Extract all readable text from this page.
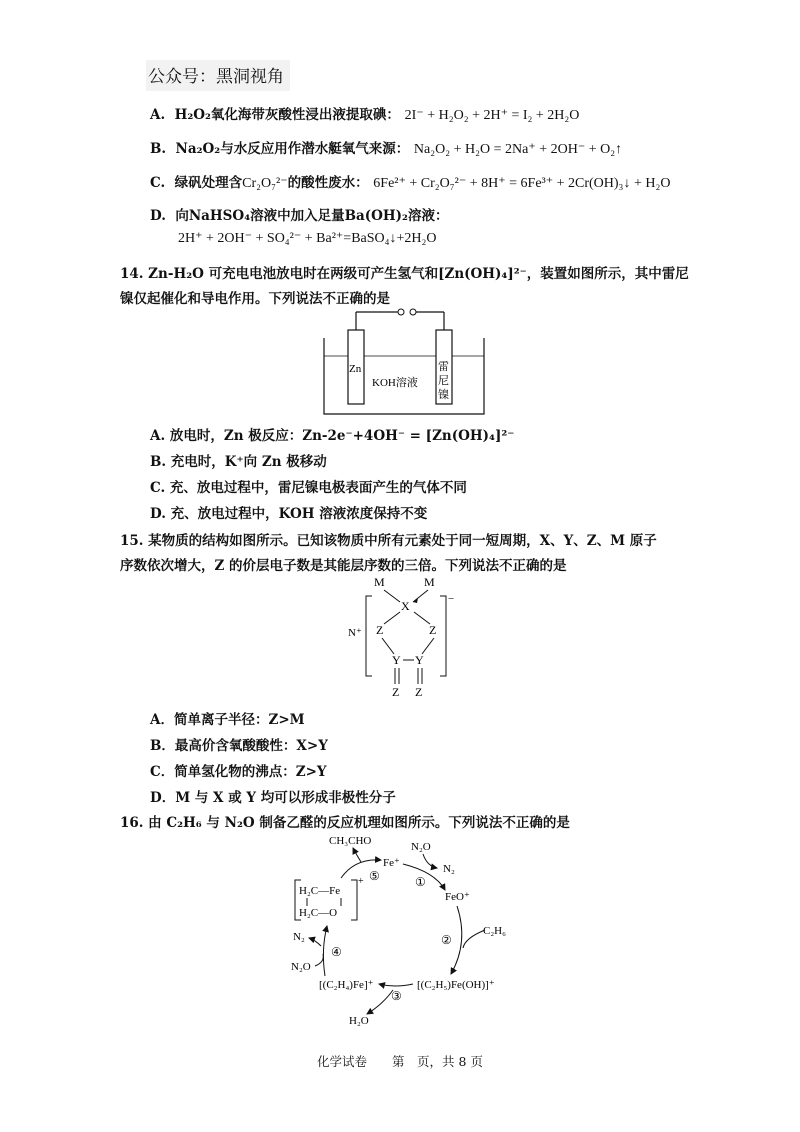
公众号：黑洞视角
A. H₂O₂氧化海带灰酸性浸出液提取碘： 2I⁻ + H₂O₂ + 2H⁺ = I₂ + 2H₂O
B. Na₂O₂与水反应用作潜水艇氧气来源： Na₂O₂ + H₂O = 2Na⁺ + 2OH⁻ + O₂↑
C. 绿矾处理含Cr₂O₇²⁻的酸性废水： 6Fe²⁺ + Cr₂O₇²⁻ + 8H⁺ = 6Fe³⁺ + 2Cr(OH)₃↓ + H₂O
D. 向NaHSO₄溶液中加入足量Ba(OH)₂溶液：
2H⁺ + 2OH⁻ + SO₄²⁻ + Ba²⁺=BaSO₄↓+2H₂O
14. Zn-H₂O 可充电电池放电时在两级可产生氢气和[Zn(OH)₄]²⁻，装置如图所示，其中雷尼
镍仅起催化和导电作用。下列说法不正确的是
Zn
KOH溶液
雷
尼
镍
A. 放电时，Zn 极反应：Zn-2e⁻+4OH⁻ = [Zn(OH)₄]²⁻
B. 充电时，K⁺向 Zn 极移动
C. 充、放电过程中，雷尼镍电极表面产生的气体不同
D. 充、放电过程中，KOH 溶液浓度保持不变
15. 某物质的结构如图所示。已知该物质中所有元素处于同一短周期，X、Y、Z、M 原子
序数依次增大，Z 的价层电子数是其能层序数的三倍。下列说法不正确的是
M	M
X
Z	Z
Y Y
Z Z
−
N⁺
A．简单离子半径：Z>M
B．最高价含氧酸酸性：X>Y
C．简单氢化物的沸点：Z>Y
D．M 与 X 或 Y 均可以形成非极性分子
16. 由 C₂H₆ 与 N₂O 制备乙醛的反应机理如图所示。下列说法不正确的是
CH₃CHO
Fe⁺
N₂O
N₂
FeO⁺
C₂H₆
[(C₂H₅)Fe(OH)]⁺
[(C₂H₄)Fe]⁺
H₂O
N₂O
N₂
H₂C—Fe
H₂C—O
+ ⑤	①
②
③
④
化学试卷　　第　页，共 8 页
